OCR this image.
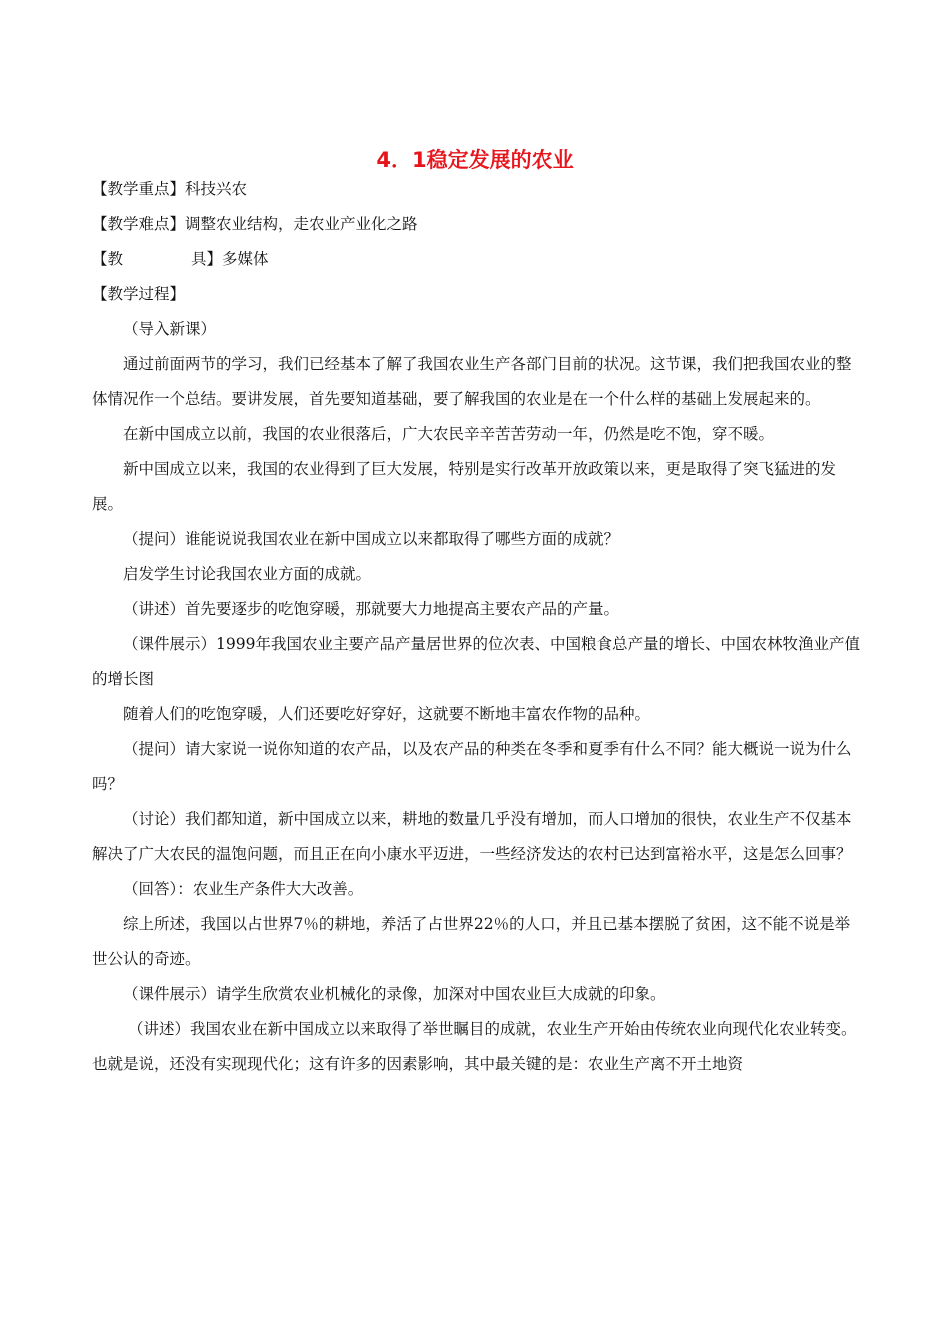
4．1稳定发展的农业

【教学重点】科技兴农

【教学难点】调整农业结构，走农业产业化之路

【教	具】多媒体

【教学过程】

（导入新课）

通过前面两节的学习，我们已经基本了解了我国农业生产各部门目前的状况。这节课，我们把我国农业的整体情况作一个总结。要讲发展，首先要知道基础，要了解我国的农业是在一个什么样的基础上发展起来的。

在新中国成立以前，我国的农业很落后，广大农民辛辛苦苦劳动一年，仍然是吃不饱，穿不暖。

新中国成立以来，我国的农业得到了巨大发展，特别是实行改革开放政策以来，更是取得了突飞猛进的发展。

（提问）谁能说说我国农业在新中国成立以来都取得了哪些方面的成就？

启发学生讨论我国农业方面的成就。

（讲述）首先要逐步的吃饱穿暖，那就要大力地提高主要农产品的产量。

（课件展示）1999年我国农业主要产品产量居世界的位次表、中国粮食总产量的增长、中国农林牧渔业产值的增长图

随着人们的吃饱穿暖，人们还要吃好穿好，这就要不断地丰富农作物的品种。

（提问）请大家说一说你知道的农产品，以及农产品的种类在冬季和夏季有什么不同？能大概说一说为什么吗？

（讨论）我们都知道，新中国成立以来，耕地的数量几乎没有增加，而人口增加的很快，农业生产不仅基本解决了广大农民的温饱问题，而且正在向小康水平迈进，一些经济发达的农村已达到富裕水平，这是怎么回事？

（回答）：农业生产条件大大改善。

综上所述，我国以占世界7％的耕地，养活了占世界22％的人口，并且已基本摆脱了贫困，这不能不说是举世公认的奇迹。

（课件展示）请学生欣赏农业机械化的录像，加深对中国农业巨大成就的印象。

（讲述）我国农业在新中国成立以来取得了举世瞩目的成就，农业生产开始由传统农业向现代化农业转变。也就是说，还没有实现现代化；这有许多的因素影响，其中最关键的是：农业生产离不开土地资
